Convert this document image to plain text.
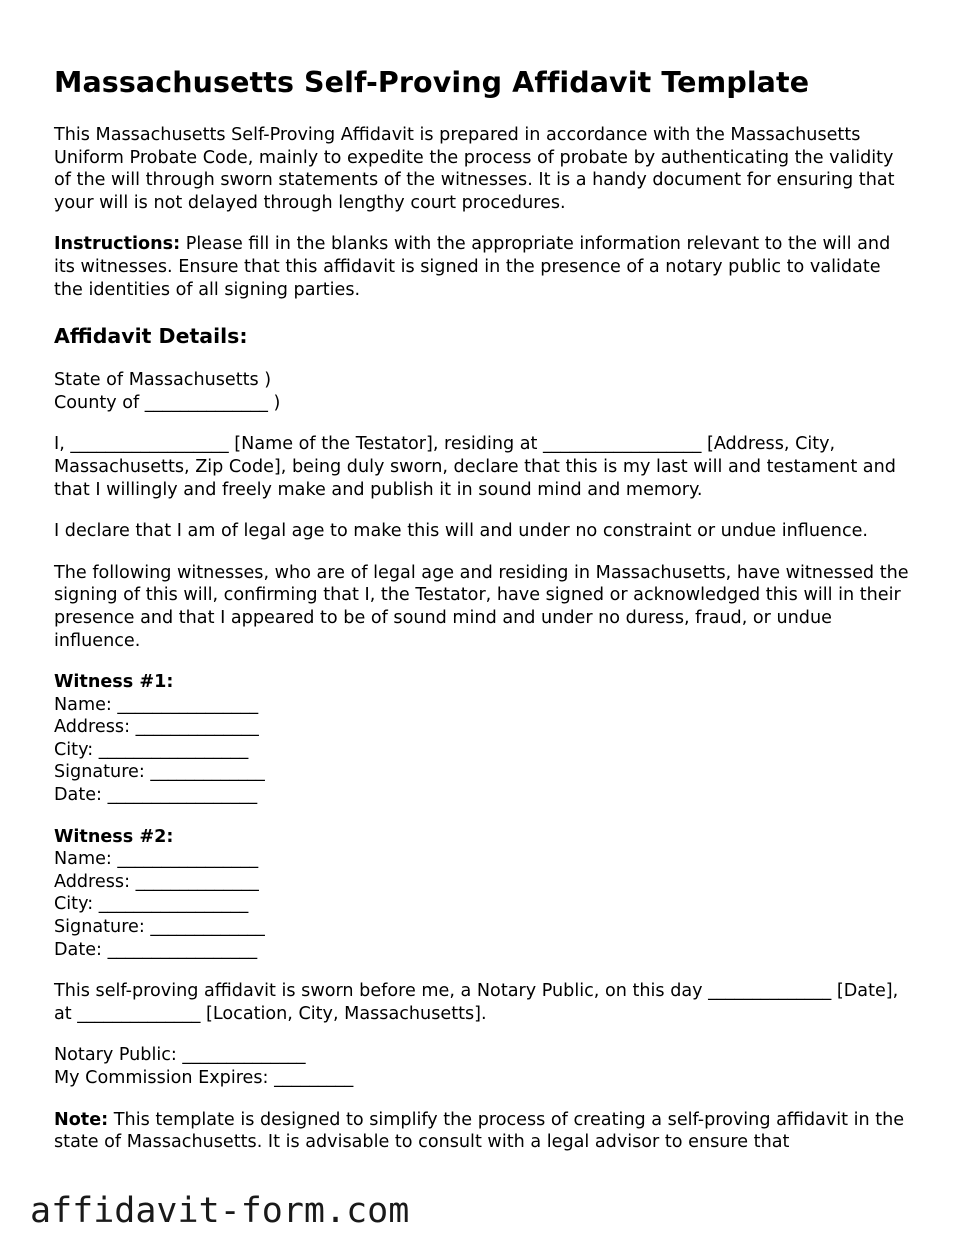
Massachusetts Self-Proving Affidavit Template

This Massachusetts Self-Proving Affidavit is prepared in accordance with the Massachusetts Uniform Probate Code, mainly to expedite the process of probate by authenticating the validity of the will through sworn statements of the witnesses. It is a handy document for ensuring that your will is not delayed through lengthy court procedures.

Instructions: Please fill in the blanks with the appropriate information relevant to the will and its witnesses. Ensure that this affidavit is signed in the presence of a notary public to validate the identities of all signing parties.

Affidavit Details:
State of Massachusetts )
County of ______________ )

I, __________________ [Name of the Testator], residing at __________________ [Address, City, Massachusetts, Zip Code], being duly sworn, declare that this is my last will and testament and that I willingly and freely make and publish it in sound mind and memory.

I declare that I am of legal age to make this will and under no constraint or undue influence.

The following witnesses, who are of legal age and residing in Massachusetts, have witnessed the signing of this will, confirming that I, the Testator, have signed or acknowledged this will in their presence and that I appeared to be of sound mind and under no duress, fraud, or undue influence.

Witness #1:
Name: ________________
Address: ______________
City: _________________
Signature: _____________
Date: _________________
Witness #2:
Name: ________________
Address: ______________
City: _________________
Signature: _____________
Date: _________________

This self-proving affidavit is sworn before me, a Notary Public, on this day ______________ [Date], at ______________ [Location, City, Massachusetts].

Notary Public: ______________
My Commission Expires: _________

Note: This template is designed to simplify the process of creating a self-proving affidavit in the state of Massachusetts. It is advisable to consult with a legal advisor to ensure that

affidavit-form.com
